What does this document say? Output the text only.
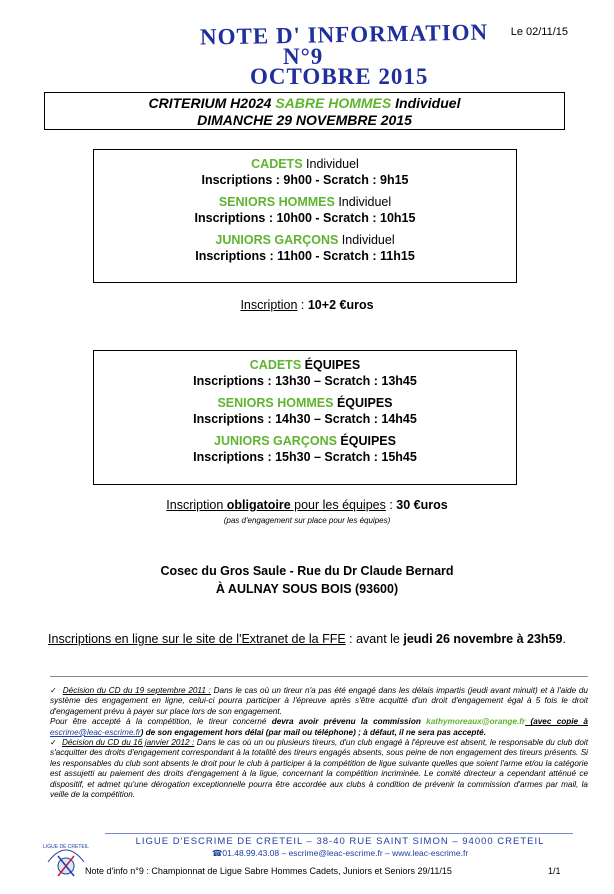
NOTE D' INFORMATION
N°9
OCTOBRE 2015
Le 02/11/15
CRITERIUM H2024 SABRE HOMMES Individuel
DIMANCHE 29 NOVEMBRE 2015
CADETS Individuel
Inscriptions : 9h00 - Scratch : 9h15
SENIORS HOMMES Individuel
Inscriptions : 10h00 - Scratch : 10h15
JUNIORS GARÇONS Individuel
Inscriptions : 11h00 - Scratch : 11h15
Inscription : 10+2 €uros
CADETS ÉQUIPES
Inscriptions : 13h30 – Scratch : 13h45
SENIORS HOMMES ÉQUIPES
Inscriptions : 14h30 – Scratch : 14h45
JUNIORS GARÇONS ÉQUIPES
Inscriptions : 15h30 – Scratch : 15h45
Inscription obligatoire pour les équipes : 30 €uros
(pas d'engagement sur place pour les équipes)
Cosec du Gros Saule - Rue du Dr Claude Bernard
À AULNAY SOUS BOIS (93600)
Inscriptions en ligne sur le site de l'Extranet de la FFE : avant le jeudi 26 novembre à 23h59.
✓ Décision du CD du 19 septembre 2011 : Dans le cas où un tireur n'a pas été engagé dans les délais impartis (jeudi avant minuit) et à l'aide du système des engagement en ligne, celui-ci pourra participer à l'épreuve après s'être acquitté d'un droit d'engagement égal à 5 fois le droit d'engagement prévu à payer sur place lors de son engagement.
Pour être accepté à la compétition, le tireur concerné devra avoir prévenu la commission kathymoreaux@orange.fr (avec copie à escrime@leac-escrime.fr) de son engagement hors délai (par mail ou téléphone) ; à défaut, il ne sera pas accepté.
✓ Décision du CD du 16 janvier 2012 : Dans le cas où un ou plusieurs tireurs, d'un club engagé à l'épreuve est absent, le responsable du club doit s'acquitter des droits d'engagement correspondant à la totalité des tireurs engagés absents, sous peine de non engagement des tireurs présents. Si les responsables du club sont absents le droit pour le club à participer à la compétition de ligue suivante quelles que soient l'arme et/ou la catégorie est assujetti au paiement des droits d'engagement à la ligue, concernant la compétition incriminée. Le comité directeur a cependant atténué ce dispositif, et admet qu'une dérogation exceptionnelle pourra être accordée aux clubs à condition de prévenir la commission d'armes par mail, la veille de la compétition.
LIGUE DE CRETEIL	LIGUE D'ESCRIME DE CRETEIL – 38-40 RUE SAINT SIMON – 94000 CRETEIL
☎01.48.99.43.08 – escrime@leac-escrime.fr – www.leac-escrime.fr
Note d'info n°9 : Championnat de Ligue Sabre Hommes Cadets, Juniors et Seniors 29/11/15	1/1
